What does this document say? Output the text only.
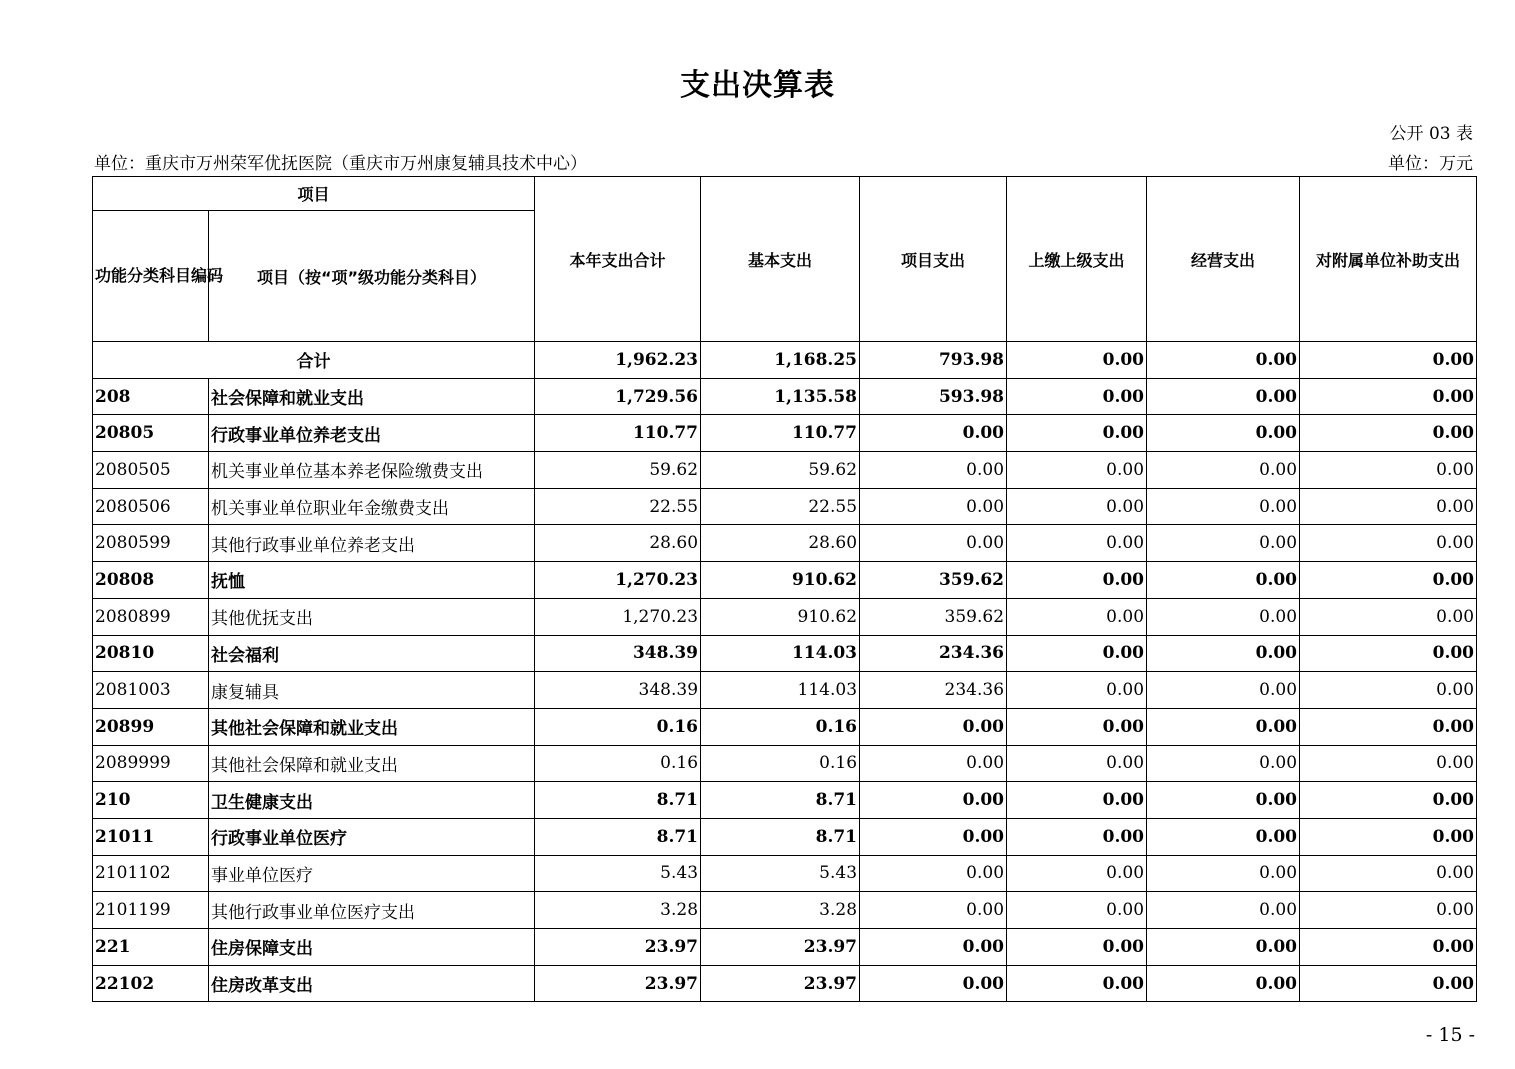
支出决算表
公开 03 表
单位：重庆市万州荣军优抚医院（重庆市万州康复辅具技术中心）	单位：万元
项目		本年支出合计	基本支出	项目支出	上缴上级支出	经营支出	对附属单位补助支出
功能分类科目编码	项目（按“项”级功能分类科目）						
合计		1,962.23	1,168.25	793.98	0.00	0.00	0.00
208	社会保障和就业支出	1,729.56	1,135.58	593.98	0.00	0.00	0.00
20805	行政事业单位养老支出	110.77	110.77	0.00	0.00	0.00	0.00
2080505	机关事业单位基本养老保险缴费支出	59.62	59.62	0.00	0.00	0.00	0.00
2080506	机关事业单位职业年金缴费支出	22.55	22.55	0.00	0.00	0.00	0.00
2080599	其他行政事业单位养老支出	28.60	28.60	0.00	0.00	0.00	0.00
20808	抚恤	1,270.23	910.62	359.62	0.00	0.00	0.00
2080899	其他优抚支出	1,270.23	910.62	359.62	0.00	0.00	0.00
20810	社会福利	348.39	114.03	234.36	0.00	0.00	0.00
2081003	康复辅具	348.39	114.03	234.36	0.00	0.00	0.00
20899	其他社会保障和就业支出	0.16	0.16	0.00	0.00	0.00	0.00
2089999	其他社会保障和就业支出	0.16	0.16	0.00	0.00	0.00	0.00
210	卫生健康支出	8.71	8.71	0.00	0.00	0.00	0.00
21011	行政事业单位医疗	8.71	8.71	0.00	0.00	0.00	0.00
2101102	事业单位医疗	5.43	5.43	0.00	0.00	0.00	0.00
2101199	其他行政事业单位医疗支出	3.28	3.28	0.00	0.00	0.00	0.00
221	住房保障支出	23.97	23.97	0.00	0.00	0.00	0.00
22102	住房改革支出	23.97	23.97	0.00	0.00	0.00	0.00
- 15 -
